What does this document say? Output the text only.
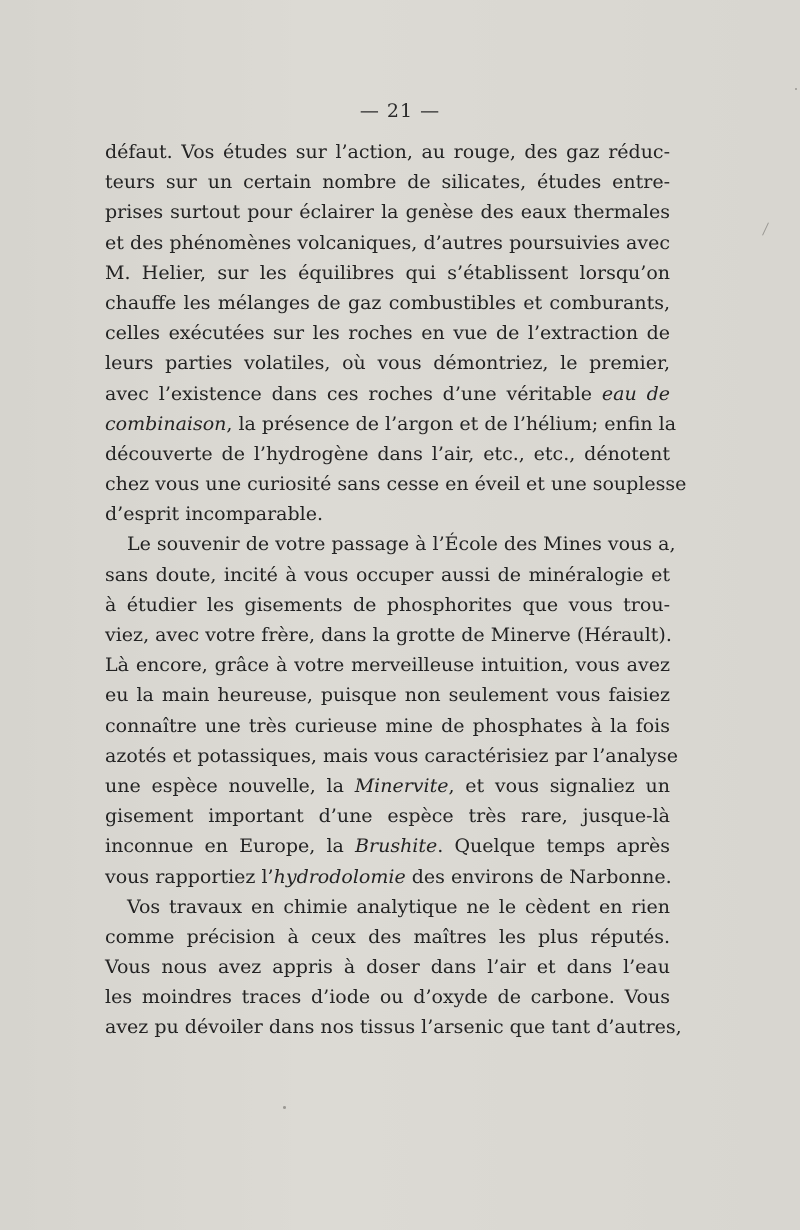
— 21 —
défaut. Vos études sur l’action, au rouge, des gaz réduc-
teurs sur un certain nombre de silicates, études entre-
prises surtout pour éclairer la genèse des eaux thermales
et des phénomènes volcaniques, d’autres poursuivies avec
M. Helier, sur les équilibres qui s’établissent lorsqu’on
chauffe les mélanges de gaz combustibles et comburants,
celles exécutées sur les roches en vue de l’extraction de
leurs parties volatiles, où vous démontriez, le premier,
avec l’existence dans ces roches d’une véritable eau de
combinaison, la présence de l’argon et de l’hélium; enfin la
découverte de l’hydrogène dans l’air, etc., etc., dénotent
chez vous une curiosité sans cesse en éveil et une souplesse
d’esprit incomparable.
Le souvenir de votre passage à l’École des Mines vous a,
sans doute, incité à vous occuper aussi de minéralogie et
à étudier les gisements de phosphorites que vous trou-
viez, avec votre frère, dans la grotte de Minerve (Hérault).
Là encore, grâce à votre merveilleuse intuition, vous avez
eu la main heureuse, puisque non seulement vous faisiez
connaître une très curieuse mine de phosphates à la fois
azotés et potassiques, mais vous caractérisiez par l’analyse
une espèce nouvelle, la Minervite, et vous signaliez un
gisement important d’une espèce très rare, jusque-là
inconnue en Europe, la Brushite. Quelque temps après
vous rapportiez l’hydrodolomie des environs de Narbonne.
Vos travaux en chimie analytique ne le cèdent en rien
comme précision à ceux des maîtres les plus réputés.
Vous nous avez appris à doser dans l’air et dans l’eau
les moindres traces d’iode ou d’oxyde de carbone. Vous
avez pu dévoiler dans nos tissus l’arsenic que tant d’autres,
